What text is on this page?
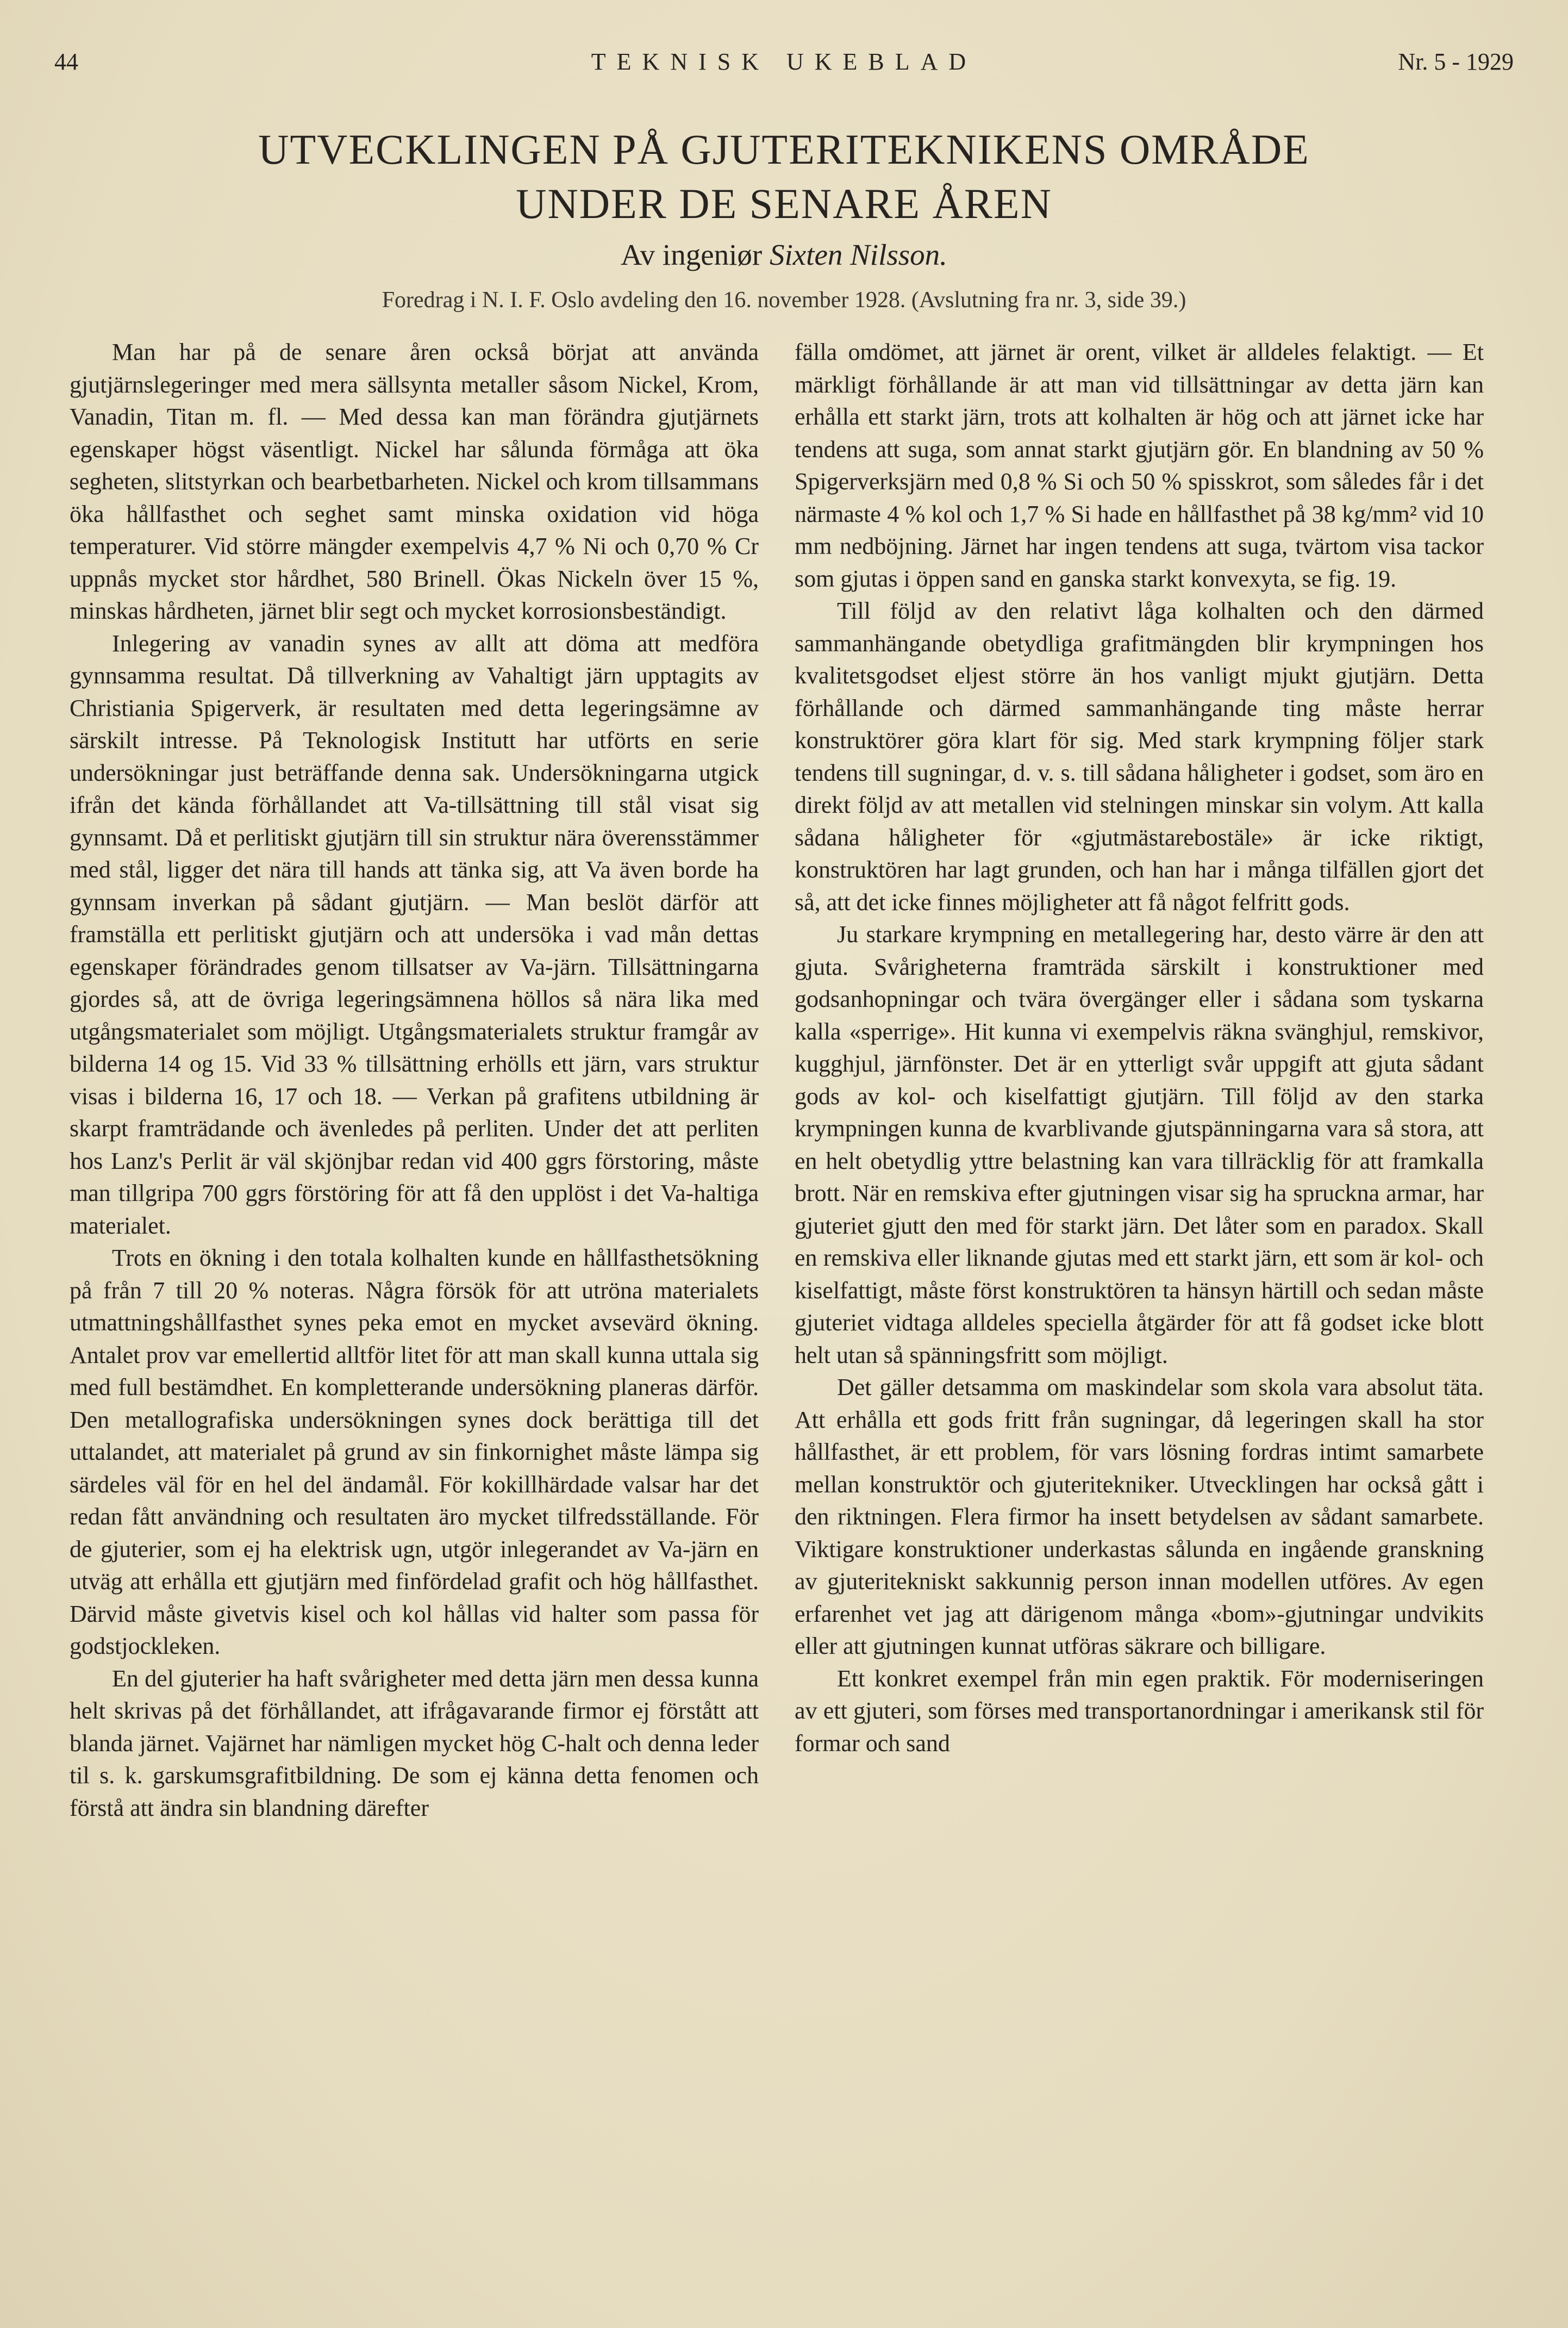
44	TEKNISK UKEBLAD	Nr. 5 - 1929
UTVECKLINGEN PÅ GJUTERITEKNIKENS OMRÅDE
UNDER DE SENARE ÅREN
Av ingeniør Sixten Nilsson.
Foredrag i N. I. F. Oslo avdeling den 16. november 1928. (Avslutning fra nr. 3, side 39.)

Man har på de senare åren också börjat att använda gjutjärnslegeringer med mera sällsynta metaller såsom Nickel, Krom, Vanadin, Titan m. fl. — Med dessa kan man förändra gjutjärnets egenskaper högst väsentligt. Nickel har sålunda förmåga att öka segheten, slitstyrkan och bearbetbarheten. Nickel och krom tillsammans öka hållfasthet och seghet samt minska oxidation vid höga temperaturer. Vid större mängder exempelvis 4,7 % Ni och 0,70 % Cr uppnås mycket stor hårdhet, 580 Brinell. Ökas Nickeln över 15 %, minskas hårdheten, järnet blir segt och mycket korrosionsbeständigt.

Inlegering av vanadin synes av allt att döma att medföra gynnsamma resultat. Då tillverkning av Vahaltigt järn upptagits av Christiania Spigerverk, är resultaten med detta legeringsämne av särskilt intresse. På Teknologisk Institutt har utförts en serie undersökningar just beträffande denna sak. Undersökningarna utgick ifrån det kända förhållandet att Va-tillsättning till stål visat sig gynnsamt. Då et perlitiskt gjutjärn till sin struktur nära överensstämmer med stål, ligger det nära till hands att tänka sig, att Va även borde ha gynnsam inverkan på sådant gjutjärn. — Man beslöt därför att framställa ett perlitiskt gjutjärn och att undersöka i vad mån dettas egenskaper förändrades genom tillsatser av Va-järn. Tillsättningarna gjordes så, att de övriga legeringsämnena höllos så nära lika med utgångsmaterialet som möjligt. Utgångsmaterialets struktur framgår av bilderna 14 og 15. Vid 33 % tillsättning erhölls ett järn, vars struktur visas i bilderna 16, 17 och 18. — Verkan på grafitens utbildning är skarpt framträdande och ävenledes på perliten. Under det att perliten hos Lanz's Perlit är väl skjönjbar redan vid 400 ggrs förstoring, måste man tillgripa 700 ggrs förstöring för att få den upplöst i det Va-haltiga materialet.

Trots en ökning i den totala kolhalten kunde en hållfasthetsökning på från 7 till 20 % noteras. Några försök för att utröna materialets utmattningshållfasthet synes peka emot en mycket avsevärd ökning. Antalet prov var emellertid alltför litet för att man skall kunna uttala sig med full bestämdhet. En kompletterande undersökning planeras därför. Den metallografiska undersökningen synes dock berättiga till det uttalandet, att materialet på grund av sin finkornighet måste lämpa sig särdeles väl för en hel del ändamål. För kokillhärdade valsar har det redan fått användning och resultaten äro mycket tilfredsställande. För de gjuterier, som ej ha elektrisk ugn, utgör inlegerandet av Va-järn en utväg att erhålla ett gjutjärn med finfördelad grafit och hög hållfasthet. Därvid måste givetvis kisel och kol hållas vid halter som passa för godstjockleken.

En del gjuterier ha haft svårigheter med detta järn men dessa kunna helt skrivas på det förhållandet, att ifrågavarande firmor ej förstått att blanda järnet. Vajärnet har nämligen mycket hög C-halt och denna leder til s. k. garskumsgrafitbildning. De som ej känna detta fenomen och förstå att ändra sin blandning därefter

fälla omdömet, att järnet är orent, vilket är alldeles felaktigt. — Et märkligt förhållande är att man vid tillsättningar av detta järn kan erhålla ett starkt järn, trots att kolhalten är hög och att järnet icke har tendens att suga, som annat starkt gjutjärn gör. En blandning av 50 % Spigerverksjärn med 0,8 % Si och 50 % spisskrot, som således får i det närmaste 4 % kol och 1,7 % Si hade en hållfasthet på 38 kg/mm² vid 10 mm nedböjning. Järnet har ingen tendens att suga, tvärtom visa tackor som gjutas i öppen sand en ganska starkt konvexyta, se fig. 19.

Till följd av den relativt låga kolhalten och den därmed sammanhängande obetydliga grafitmängden blir krympningen hos kvalitetsgodset eljest större än hos vanligt mjukt gjutjärn. Detta förhållande och därmed sammanhängande ting måste herrar konstruktörer göra klart för sig. Med stark krympning följer stark tendens till sugningar, d. v. s. till sådana håligheter i godset, som äro en direkt följd av att metallen vid stelningen minskar sin volym. Att kalla sådana håligheter för «gjutmästarebostäle» är icke riktigt, konstruktören har lagt grunden, och han har i många tilfällen gjort det så, att det icke finnes möjligheter att få något felfritt gods.

Ju starkare krympning en metallegering har, desto värre är den att gjuta. Svårigheterna framträda särskilt i konstruktioner med godsanhopningar och tvära övergänger eller i sådana som tyskarna kalla «sperrige». Hit kunna vi exempelvis räkna svänghjul, remskivor, kugghjul, järnfönster. Det är en ytterligt svår uppgift att gjuta sådant gods av kol- och kiselfattigt gjutjärn. Till följd av den starka krympningen kunna de kvarblivande gjutspänningarna vara så stora, att en helt obetydlig yttre belastning kan vara tillräcklig för att framkalla brott. När en remskiva efter gjutningen visar sig ha spruckna armar, har gjuteriet gjutt den med för starkt järn. Det låter som en paradox. Skall en remskiva eller liknande gjutas med ett starkt järn, ett som är kol- och kiselfattigt, måste först konstruktören ta hänsyn härtill och sedan måste gjuteriet vidtaga alldeles speciella åtgärder för att få godset icke blott helt utan så spänningsfritt som möjligt.

Det gäller detsamma om maskindelar som skola vara absolut täta. Att erhålla ett gods fritt från sugningar, då legeringen skall ha stor hållfasthet, är ett problem, för vars lösning fordras intimt samarbete mellan konstruktör och gjuteritekniker. Utvecklingen har också gått i den riktningen. Flera firmor ha insett betydelsen av sådant samarbete. Viktigare konstruktioner underkastas sålunda en ingående granskning av gjuteritekniskt sakkunnig person innan modellen utföres. Av egen erfarenhet vet jag att därigenom många «bom»-gjutningar undvikits eller att gjutningen kunnat utföras säkrare och billigare.

Ett konkret exempel från min egen praktik. För moderniseringen av ett gjuteri, som förses med transportanordningar i amerikansk stil för formar och sand
